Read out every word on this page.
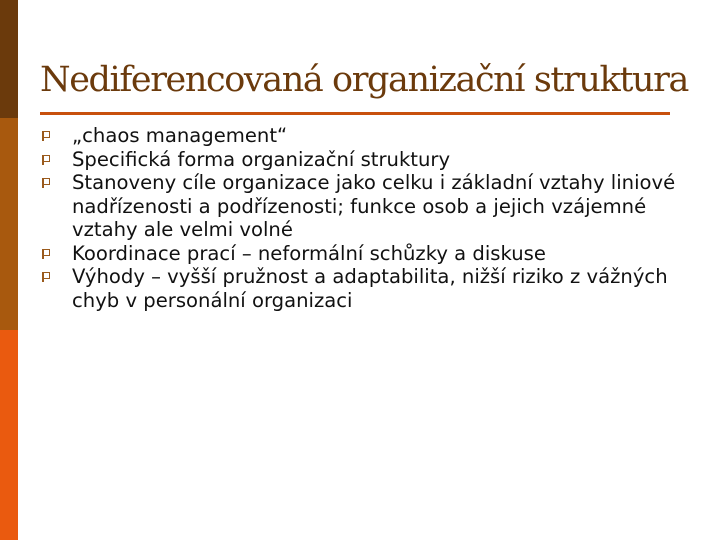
Nediferencovaná organizační struktura
„chaos management“
Specifická forma organizační struktury
Stanoveny cíle organizace jako celku i základní vztahy liniové nadřízenosti a podřízenosti; funkce osob a jejich vzájemné vztahy ale velmi volné
Koordinace prací – neformální schůzky a diskuse
Výhody – vyšší pružnost a adaptabilita, nižší riziko z vážných chyb v personální organizaci
